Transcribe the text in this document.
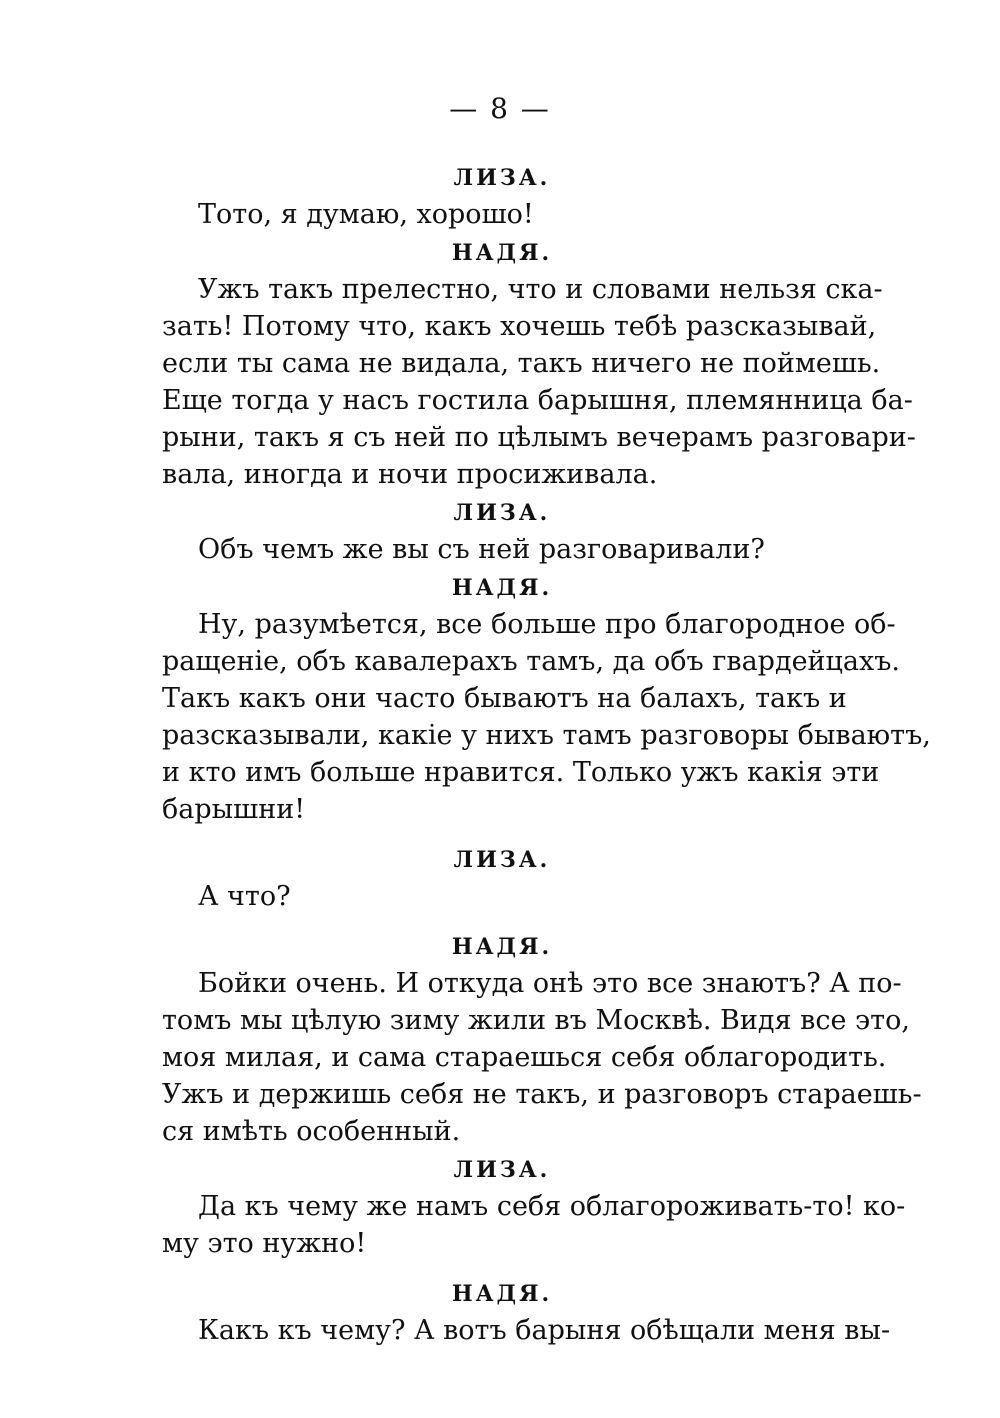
— 8 —
ЛИЗА.
Тото, я думаю, хорошо!
НАДЯ.
Ужъ такъ прелестно, что и словами нельзя ска-
зать! Потому что, какъ хочешь тебѣ разсказывай,
если ты сама не видала, такъ ничего не поймешь.
Еще тогда у насъ гостила барышня, племянница ба-
рыни, такъ я съ ней по цѣлымъ вечерамъ разговари-
вала, иногда и ночи просиживала.
ЛИЗА.
Объ чемъ же вы съ ней разговаривали?
НАДЯ.
Ну, разумѣется, все больше про благородное об-
ращеніе, объ кавалерахъ тамъ, да объ гвардейцахъ.
Такъ какъ они часто бываютъ на балахъ, такъ и
разсказывали, какіе у нихъ тамъ разговоры бываютъ,
и кто имъ больше нравится. Только ужъ какія эти
барышни!
ЛИЗА.
А что?
НАДЯ.
Бойки очень. И откуда онѣ это все знаютъ? А по-
томъ мы цѣлую зиму жили въ Москвѣ. Видя все это,
моя милая, и сама стараешься себя облагородить.
Ужъ и держишь себя не такъ, и разговоръ стараешь-
ся имѣть особенный.
ЛИЗА.
Да къ чему же намъ себя облагороживать-то! ко-
му это нужно!
НАДЯ.
Какъ къ чему? А вотъ барыня обѣщали меня вы-
